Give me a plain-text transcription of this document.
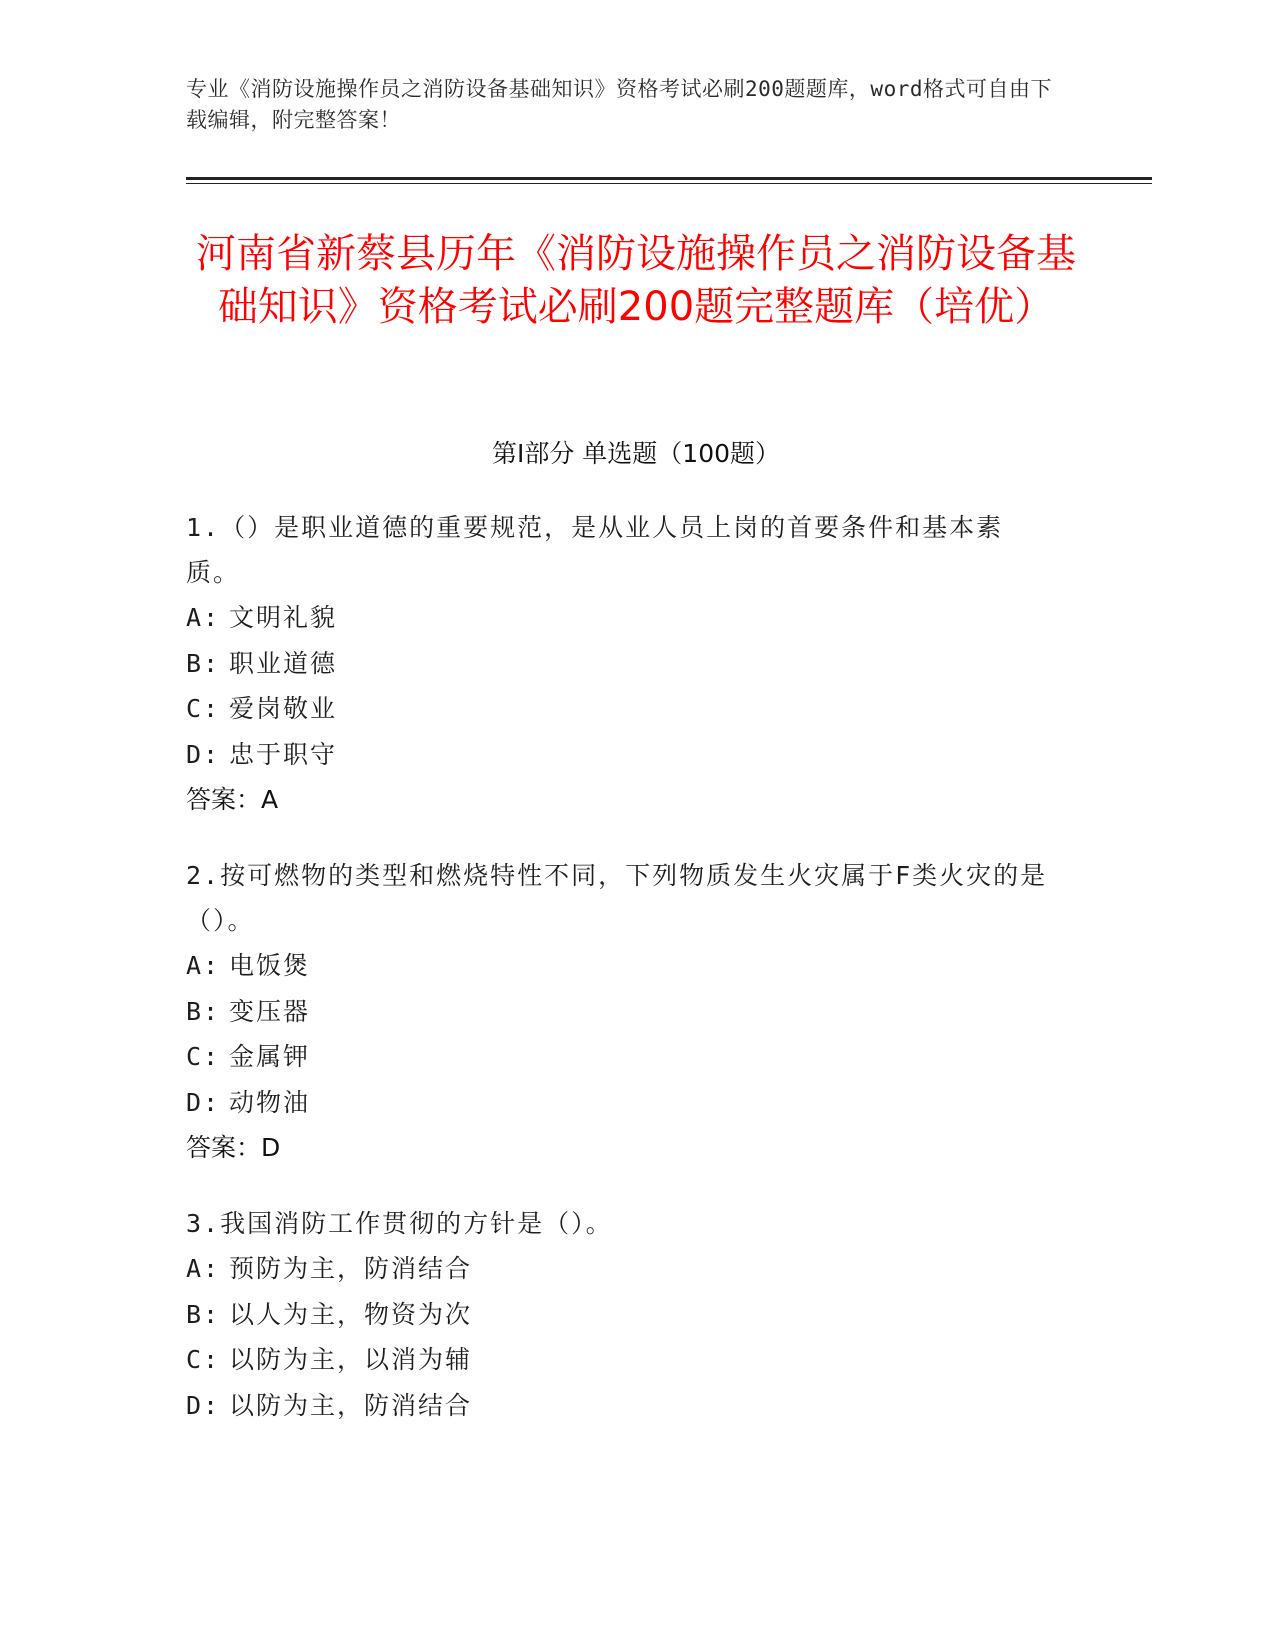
专业《消防设施操作员之消防设备基础知识》资格考试必刷200题题库，word格式可自由下载编辑，附完整答案！
河南省新蔡县历年《消防设施操作员之消防设备基础知识》资格考试必刷200题完整题库（培优）
第I部分 单选题（100题）

1.（）是职业道德的重要规范，是从业人员上岗的首要条件和基本素质。

A: 文明礼貌
B: 职业道德
C: 爱岗敬业
D: 忠于职守

答案：A

2.按可燃物的类型和燃烧特性不同，下列物质发生火灾属于F类火灾的是（）。

A: 电饭煲
B: 变压器
C: 金属钾
D: 动物油

答案：D

3.我国消防工作贯彻的方针是（）。

A: 预防为主，防消结合
B: 以人为主，物资为次
C: 以防为主，以消为辅
D: 以防为主，防消结合
